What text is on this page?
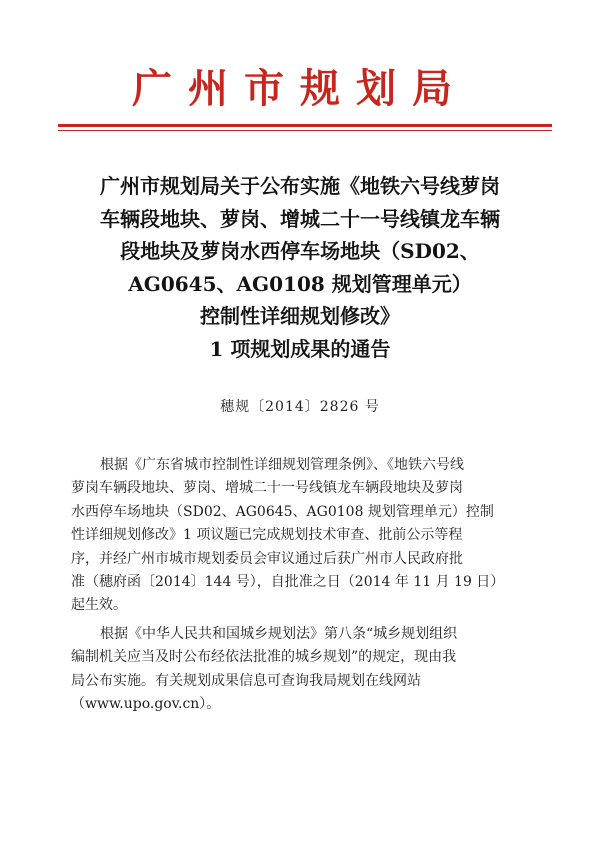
广州市规划局
广州市规划局关于公布实施《地铁六号线萝岗
车辆段地块、萝岗、增城二十一号线镇龙车辆
段地块及萝岗水西停车场地块（SD02、
AG0645、AG0108 规划管理单元）
控制性详细规划修改》
1 项规划成果的通告
穗规〔2014〕2826 号

根据《广东省城市控制性详细规划管理条例》、《地铁六号线
萝岗车辆段地块、萝岗、增城二十一号线镇龙车辆段地块及萝岗
水西停车场地块（SD02、AG0645、AG0108 规划管理单元）控制
性详细规划修改》1 项议题已完成规划技术审查、批前公示等程
序，并经广州市城市规划委员会审议通过后获广州市人民政府批
准（穗府函〔2014〕144 号），自批准之日（2014 年 11 月 19 日）
起生效。

根据《中华人民共和国城乡规划法》第八条“城乡规划组织
编制机关应当及时公布经依法批准的城乡规划”的规定，现由我
局公布实施。有关规划成果信息可查询我局规划在线网站
（www.upo.gov.cn）。
